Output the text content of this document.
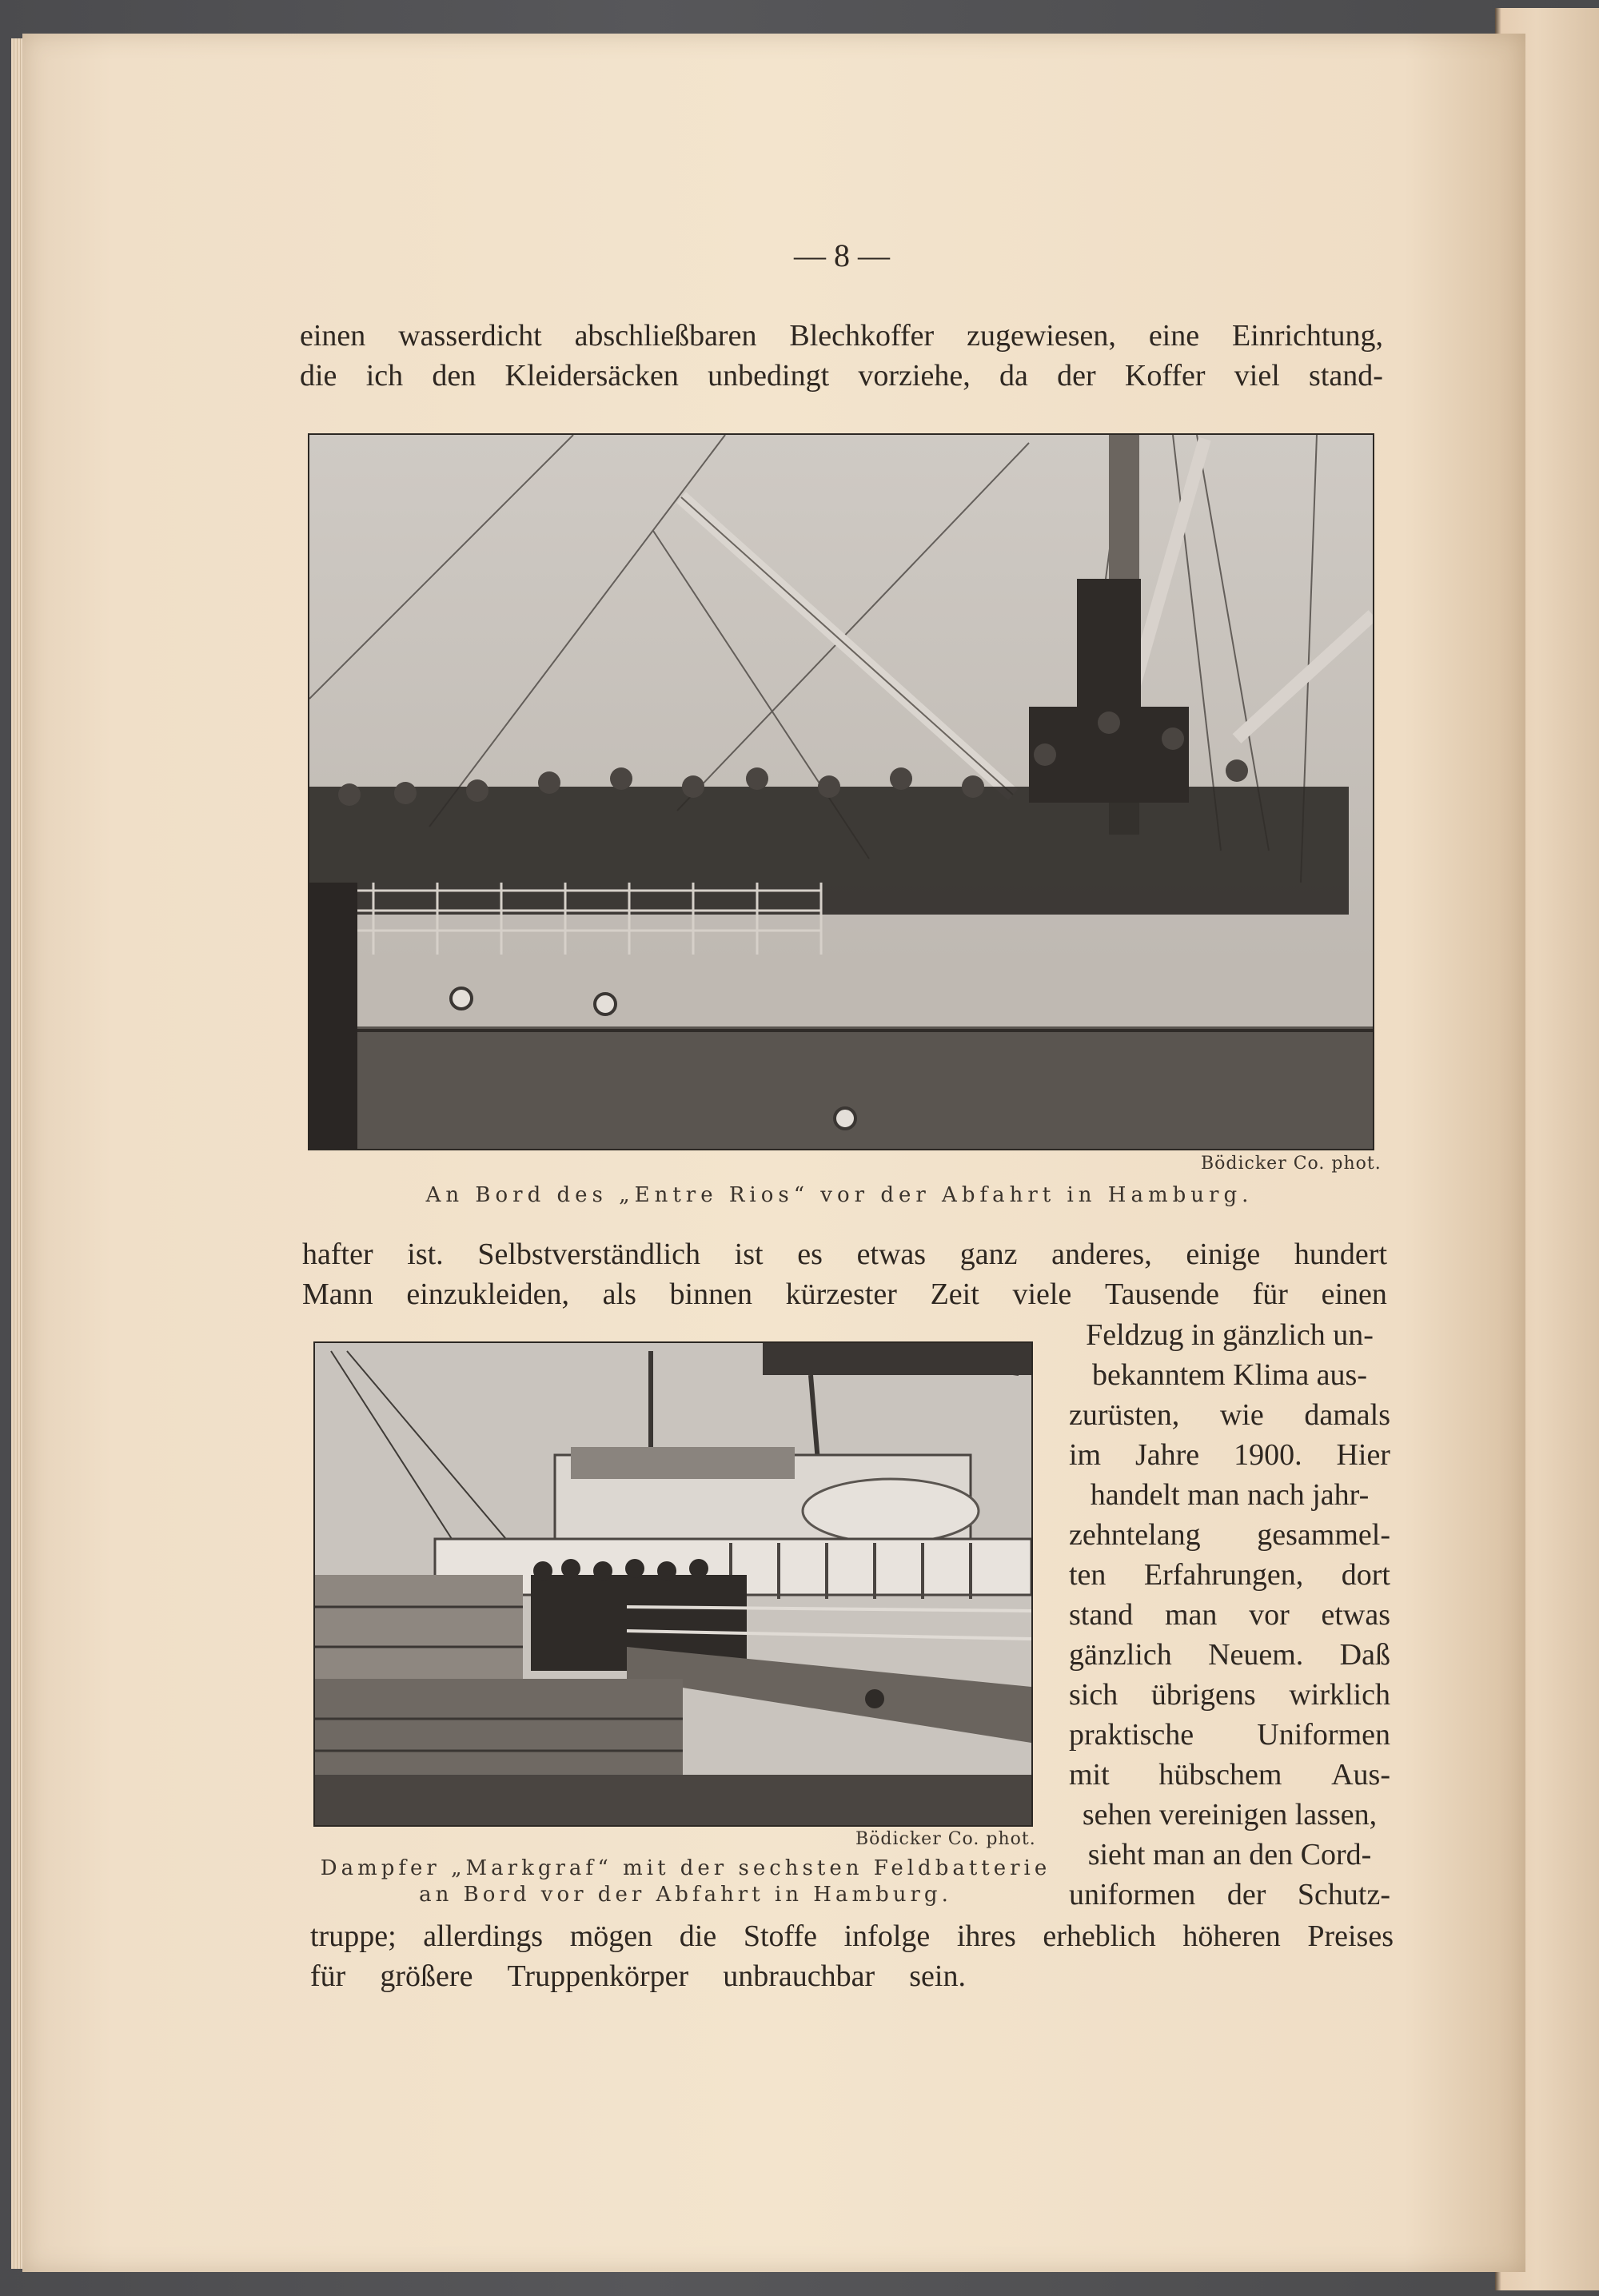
— 8 —
einen wasserdicht abschließbaren Blechkoffer zugewiesen, eine Einrichtung,
die ich den Kleidersäcken unbedingt vorziehe, da der Koffer viel stand-
Bödicker Co. phot.
An Bord des „Entre Rios“ vor der Abfahrt in Hamburg.
hafter ist. Selbstverständlich ist es etwas ganz anderes, einige hundert
Mann einzukleiden, als binnen kürzester Zeit viele Tausende für einen
Bödicker Co. phot.
Dampfer „Markgraf“ mit der sechsten Feldbatterie
an Bord vor der Abfahrt in Hamburg.
Feldzug in gänzlich un-
bekanntem Klima aus-
zurüsten, wie damals
im Jahre 1900. Hier
handelt man nach jahr-
zehntelang gesammel-
ten Erfahrungen, dort
stand man vor etwas
gänzlich Neuem. Daß
sich übrigens wirklich
praktische Uniformen
mit hübschem Aus-
sehen vereinigen lassen,
sieht man an den Cord-
uniformen der Schutz-
truppe; allerdings mögen die Stoffe infolge ihres erheblich höheren Preises
für größere Truppenkörper unbrauchbar sein.
